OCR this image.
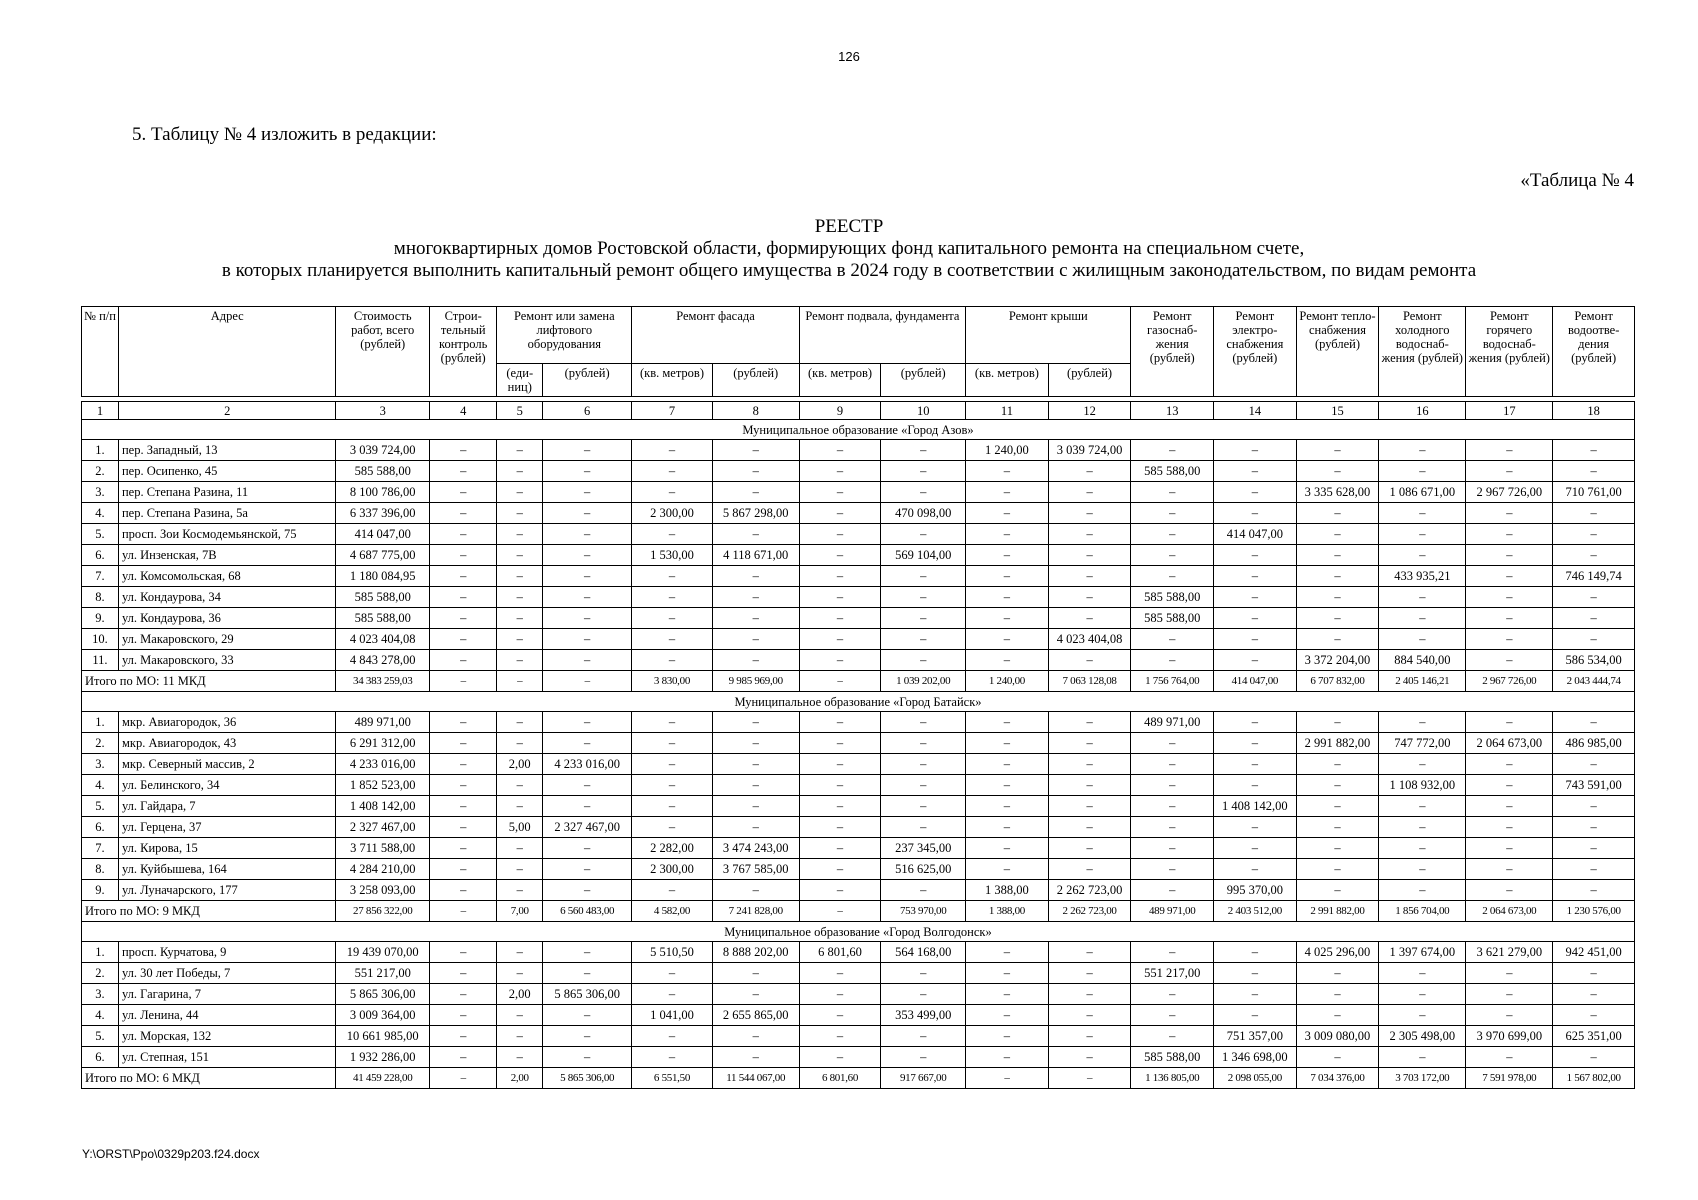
126
5. Таблицу № 4 изложить в редакции:
«Таблица № 4
РЕЕСТР
многоквартирных домов Ростовской области, формирующих фонд капитального ремонта на специальном счете,
в которых планируется выполнить капитальный ремонт общего имущества в 2024 году в соответствии с жилищным законодательством, по видам ремонта
№ п/п	Адрес	Стоимость работ, всего (рублей)	Строи-тельный контроль (рублей)	Ремонт или замена лифтового оборудования		Ремонт фасада		Ремонт подвала, фундамента		Ремонт крыши		Ремонт газоснаб-жения (рублей)	Ремонт электро-снабжения (рублей)	Ремонт тепло-снабжения (рублей)	Ремонт холодного водоснаб-жения (рублей)	Ремонт горячего водоснаб-жения (рублей)	Ремонт водоотве-дения (рублей)
				(еди-ниц)	(рублей)	(кв. метров)	(рублей)	(кв. метров)	(рублей)	(кв. метров)	(рублей)						

1	2	3	4	5	6	7	8	9	10	11	12	13	14	15	16	17	18
Муниципальное образование «Город Азов»																	
1.	пер. Западный, 13	3 039 724,00	–	–	–	–	–	–	–	1 240,00	3 039 724,00	–	–	–	–	–	–
2.	пер. Осипенко, 45	585 588,00	–	–	–	–	–	–	–	–	–	585 588,00	–	–	–	–	–
3.	пер. Степана Разина, 11	8 100 786,00	–	–	–	–	–	–	–	–	–	–	–	3 335 628,00	1 086 671,00	2 967 726,00	710 761,00
4.	пер. Степана Разина, 5а	6 337 396,00	–	–	–	2 300,00	5 867 298,00	–	470 098,00	–	–	–	–	–	–	–	–
5.	просп. Зои Космодемьянской, 75	414 047,00	–	–	–	–	–	–	–	–	–	–	414 047,00	–	–	–	–
6.	ул. Инзенская, 7В	4 687 775,00	–	–	–	1 530,00	4 118 671,00	–	569 104,00	–	–	–	–	–	–	–	–
7.	ул. Комсомольская, 68	1 180 084,95	–	–	–	–	–	–	–	–	–	–	–	–	433 935,21	–	746 149,74
8.	ул. Кондаурова, 34	585 588,00	–	–	–	–	–	–	–	–	–	585 588,00	–	–	–	–	–
9.	ул. Кондаурова, 36	585 588,00	–	–	–	–	–	–	–	–	–	585 588,00	–	–	–	–	–
10.	ул. Макаровского, 29	4 023 404,08	–	–	–	–	–	–	–	–	4 023 404,08	–	–	–	–	–	–
11.	ул. Макаровского, 33	4 843 278,00	–	–	–	–	–	–	–	–	–	–	–	3 372 204,00	884 540,00	–	586 534,00
Итого по МО: 11 МКД		34 383 259,03	–	–	–	3 830,00	9 985 969,00	–	1 039 202,00	1 240,00	7 063 128,08	1 756 764,00	414 047,00	6 707 832,00	2 405 146,21	2 967 726,00	2 043 444,74
Муниципальное образование «Город Батайск»																	
1.	мкр. Авиагородок, 36	489 971,00	–	–	–	–	–	–	–	–	–	489 971,00	–	–	–	–	–
2.	мкр. Авиагородок, 43	6 291 312,00	–	–	–	–	–	–	–	–	–	–	–	2 991 882,00	747 772,00	2 064 673,00	486 985,00
3.	мкр. Северный массив, 2	4 233 016,00	–	2,00	4 233 016,00	–	–	–	–	–	–	–	–	–	–	–	–
4.	ул. Белинского, 34	1 852 523,00	–	–	–	–	–	–	–	–	–	–	–	–	1 108 932,00	–	743 591,00
5.	ул. Гайдара, 7	1 408 142,00	–	–	–	–	–	–	–	–	–	–	1 408 142,00	–	–	–	–
6.	ул. Герцена, 37	2 327 467,00	–	5,00	2 327 467,00	–	–	–	–	–	–	–	–	–	–	–	–
7.	ул. Кирова, 15	3 711 588,00	–	–	–	2 282,00	3 474 243,00	–	237 345,00	–	–	–	–	–	–	–	–
8.	ул. Куйбышева, 164	4 284 210,00	–	–	–	2 300,00	3 767 585,00	–	516 625,00	–	–	–	–	–	–	–	–
9.	ул. Луначарского, 177	3 258 093,00	–	–	–	–	–	–	–	1 388,00	2 262 723,00	–	995 370,00	–	–	–	–
Итого по МО: 9 МКД		27 856 322,00	–	7,00	6 560 483,00	4 582,00	7 241 828,00	–	753 970,00	1 388,00	2 262 723,00	489 971,00	2 403 512,00	2 991 882,00	1 856 704,00	2 064 673,00	1 230 576,00
Муниципальное образование «Город Волгодонск»																	
1.	просп. Курчатова, 9	19 439 070,00	–	–	–	5 510,50	8 888 202,00	6 801,60	564 168,00	–	–	–	–	4 025 296,00	1 397 674,00	3 621 279,00	942 451,00
2.	ул. 30 лет Победы, 7	551 217,00	–	–	–	–	–	–	–	–	–	551 217,00	–	–	–	–	–
3.	ул. Гагарина, 7	5 865 306,00	–	2,00	5 865 306,00	–	–	–	–	–	–	–	–	–	–	–	–
4.	ул. Ленина, 44	3 009 364,00	–	–	–	1 041,00	2 655 865,00	–	353 499,00	–	–	–	–	–	–	–	–
5.	ул. Морская, 132	10 661 985,00	–	–	–	–	–	–	–	–	–	–	751 357,00	3 009 080,00	2 305 498,00	3 970 699,00	625 351,00
6.	ул. Степная, 151	1 932 286,00	–	–	–	–	–	–	–	–	–	585 588,00	1 346 698,00	–	–	–	–
Итого по МО: 6 МКД		41 459 228,00	–	2,00	5 865 306,00	6 551,50	11 544 067,00	6 801,60	917 667,00	–	–	1 136 805,00	2 098 055,00	7 034 376,00	3 703 172,00	7 591 978,00	1 567 802,00
Y:\ORST\Ppo\0329p203.f24.docx
